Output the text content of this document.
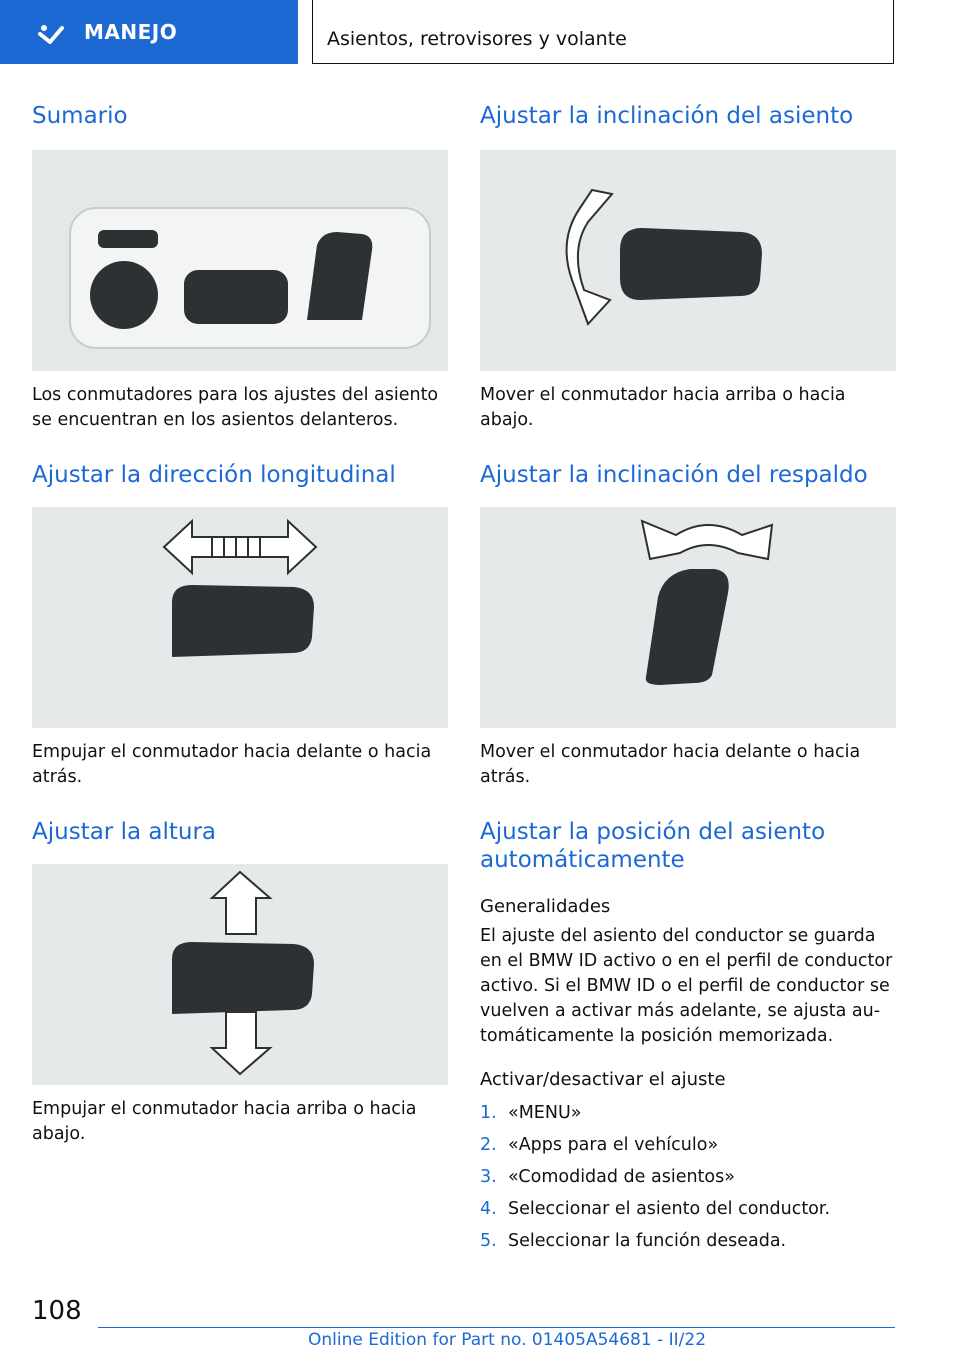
MANEJO	Asientos, retrovisores y volante
Sumario

Los conmutadores para los ajustes del asiento se encuentran en los asientos delanteros.

Ajustar la dirección longitudinal

Empujar el conmutador hacia delante o hacia atrás.

Ajustar la altura

Empujar el conmutador hacia arriba o hacia abajo.

Ajustar la inclinación del asiento

Mover el conmutador hacia arriba o hacia abajo.

Ajustar la inclinación del respaldo

Mover el conmutador hacia delante o hacia atrás.

Ajustar la posición del asiento automáticamente
Generalidades

El ajuste del asiento del conductor se guarda en el BMW ID activo o en el perfil de conductor activo. Si el BMW ID o el perfil de conductor se vuelven a activar más adelante, se ajusta au-tomáticamente la posición memorizada.

Activar/desactivar el ajuste
1. «MENU»
2. «Apps para el vehículo»
3. «Comodidad de asientos»
4. Seleccionar el asiento del conductor.
5. Seleccionar la función deseada.
108
Online Edition for Part no. 01405A54681 - II/22
